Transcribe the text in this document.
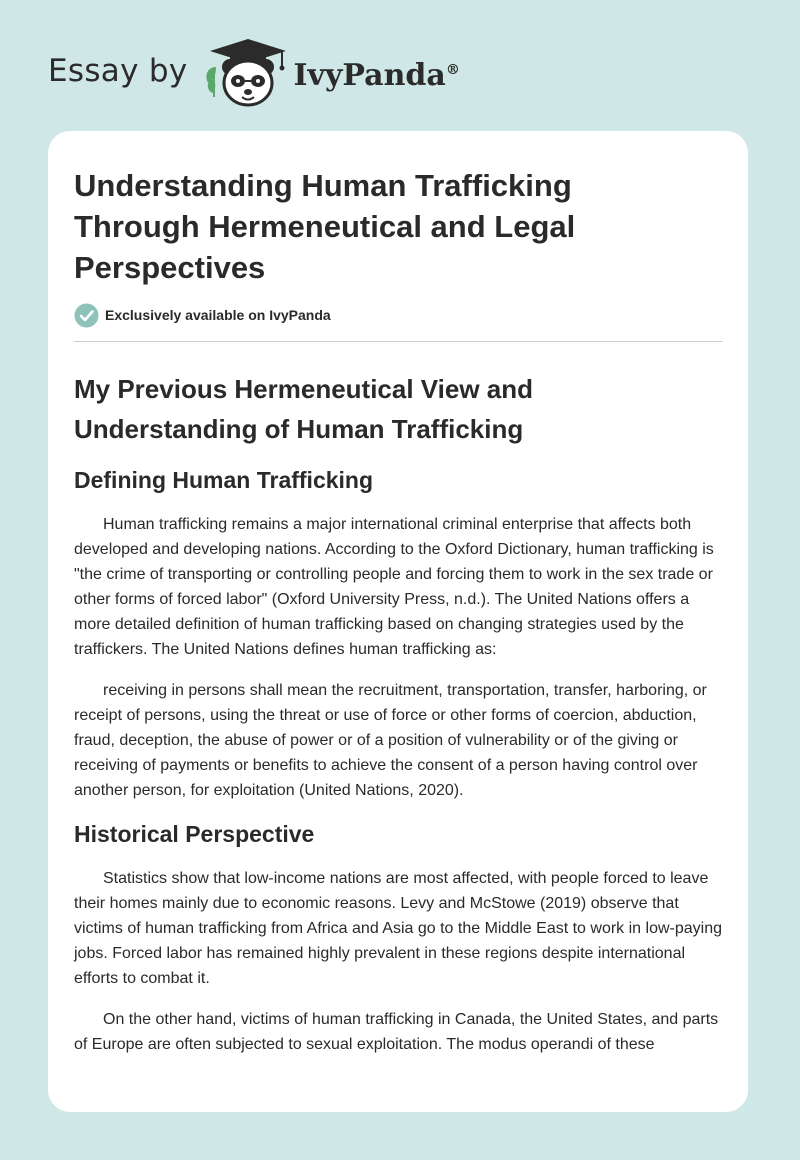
Essay by	IvyPanda®
Understanding Human Trafficking Through Hermeneutical and Legal Perspectives
Exclusively available on IvyPanda
My Previous Hermeneutical View and Understanding of Human Trafficking
Defining Human Trafficking

Human trafficking remains a major international criminal enterprise that affects both developed and developing nations. According to the Oxford Dictionary, human trafficking is "the crime of transporting or controlling people and forcing them to work in the sex trade or other forms of forced labor" (Oxford University Press, n.d.). The United Nations offers a more detailed definition of human trafficking based on changing strategies used by the traffickers. The United Nations defines human trafficking as:

receiving in persons shall mean the recruitment, transportation, transfer, harboring, or receipt of persons, using the threat or use of force or other forms of coercion, abduction, fraud, deception, the abuse of power or of a position of vulnerability or of the giving or receiving of payments or benefits to achieve the consent of a person having control over another person, for exploitation (United Nations, 2020).

Historical Perspective

Statistics show that low-income nations are most affected, with people forced to leave their homes mainly due to economic reasons. Levy and McStowe (2019) observe that victims of human trafficking from Africa and Asia go to the Middle East to work in low-paying jobs. Forced labor has remained highly prevalent in these regions despite international efforts to combat it.

On the other hand, victims of human trafficking in Canada, the United States, and parts of Europe are often subjected to sexual exploitation. The modus operandi of these
